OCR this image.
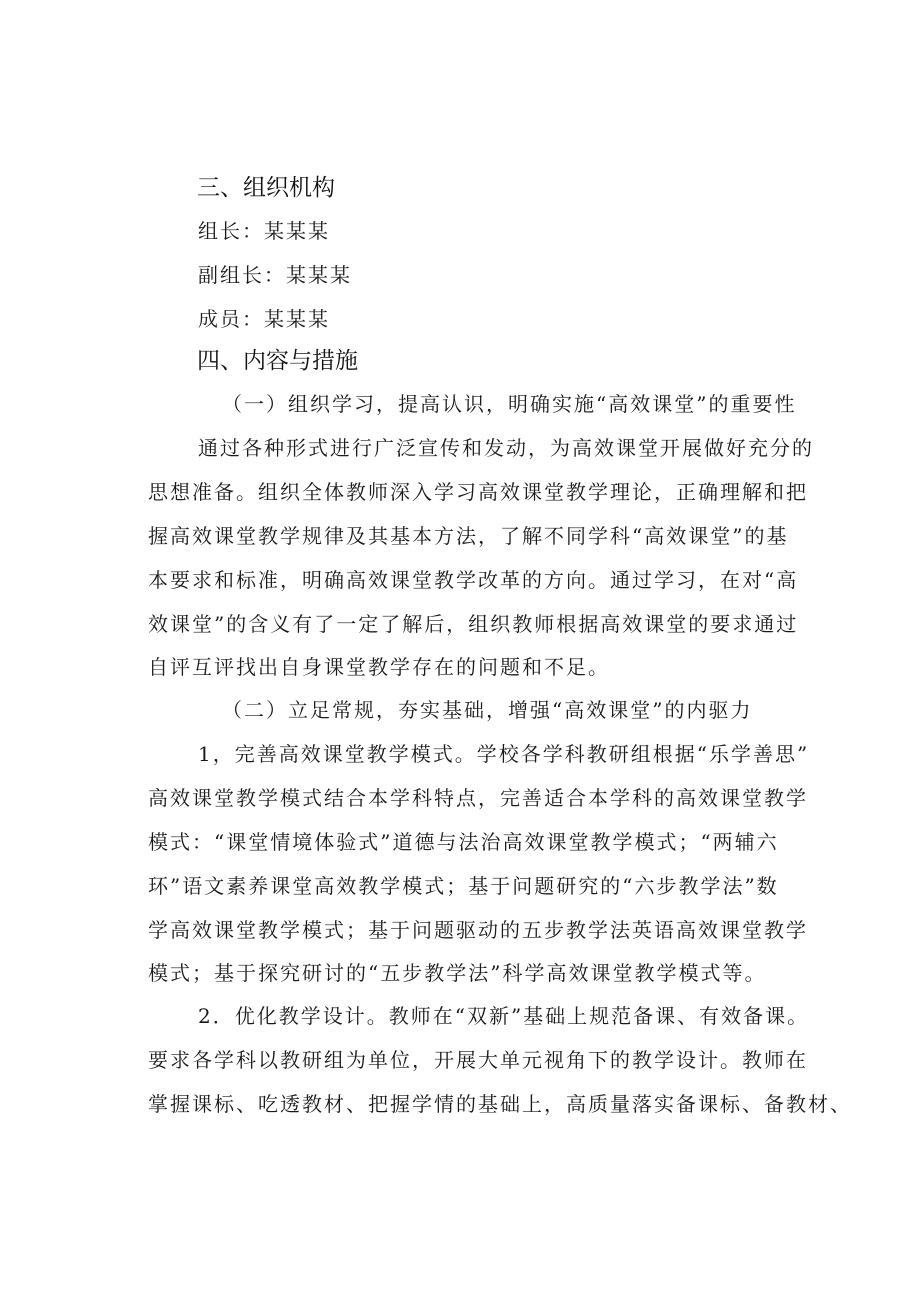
三、组织机构
组长：某某某
副组长：某某某
成员：某某某
四、内容与措施
（一）组织学习，提高认识，明确实施“高效课堂”的重要性
通过各种形式进行广泛宣传和发动，为高效课堂开展做好充分的
思想准备。组织全体教师深入学习高效课堂教学理论，正确理解和把
握高效课堂教学规律及其基本方法，了解不同学科“高效课堂”的基
本要求和标准，明确高效课堂教学改革的方向。通过学习，在对“高
效课堂”的含义有了一定了解后，组织教师根据高效课堂的要求通过
自评互评找出自身课堂教学存在的问题和不足。
（二）立足常规，夯实基础，增强“高效课堂”的内驱力
1，完善高效课堂教学模式。学校各学科教研组根据“乐学善思”
高效课堂教学模式结合本学科特点，完善适合本学科的高效课堂教学
模式：“课堂情境体验式”道德与法治高效课堂教学模式；“两辅六
环”语文素养课堂高效教学模式；基于问题研究的“六步教学法”数
学高效课堂教学模式；基于问题驱动的五步教学法英语高效课堂教学
模式；基于探究研讨的“五步教学法”科学高效课堂教学模式等。
2．优化教学设计。教师在“双新”基础上规范备课、有效备课。
要求各学科以教研组为单位，开展大单元视角下的教学设计。教师在
掌握课标、吃透教材、把握学情的基础上，高质量落实备课标、备教材、
